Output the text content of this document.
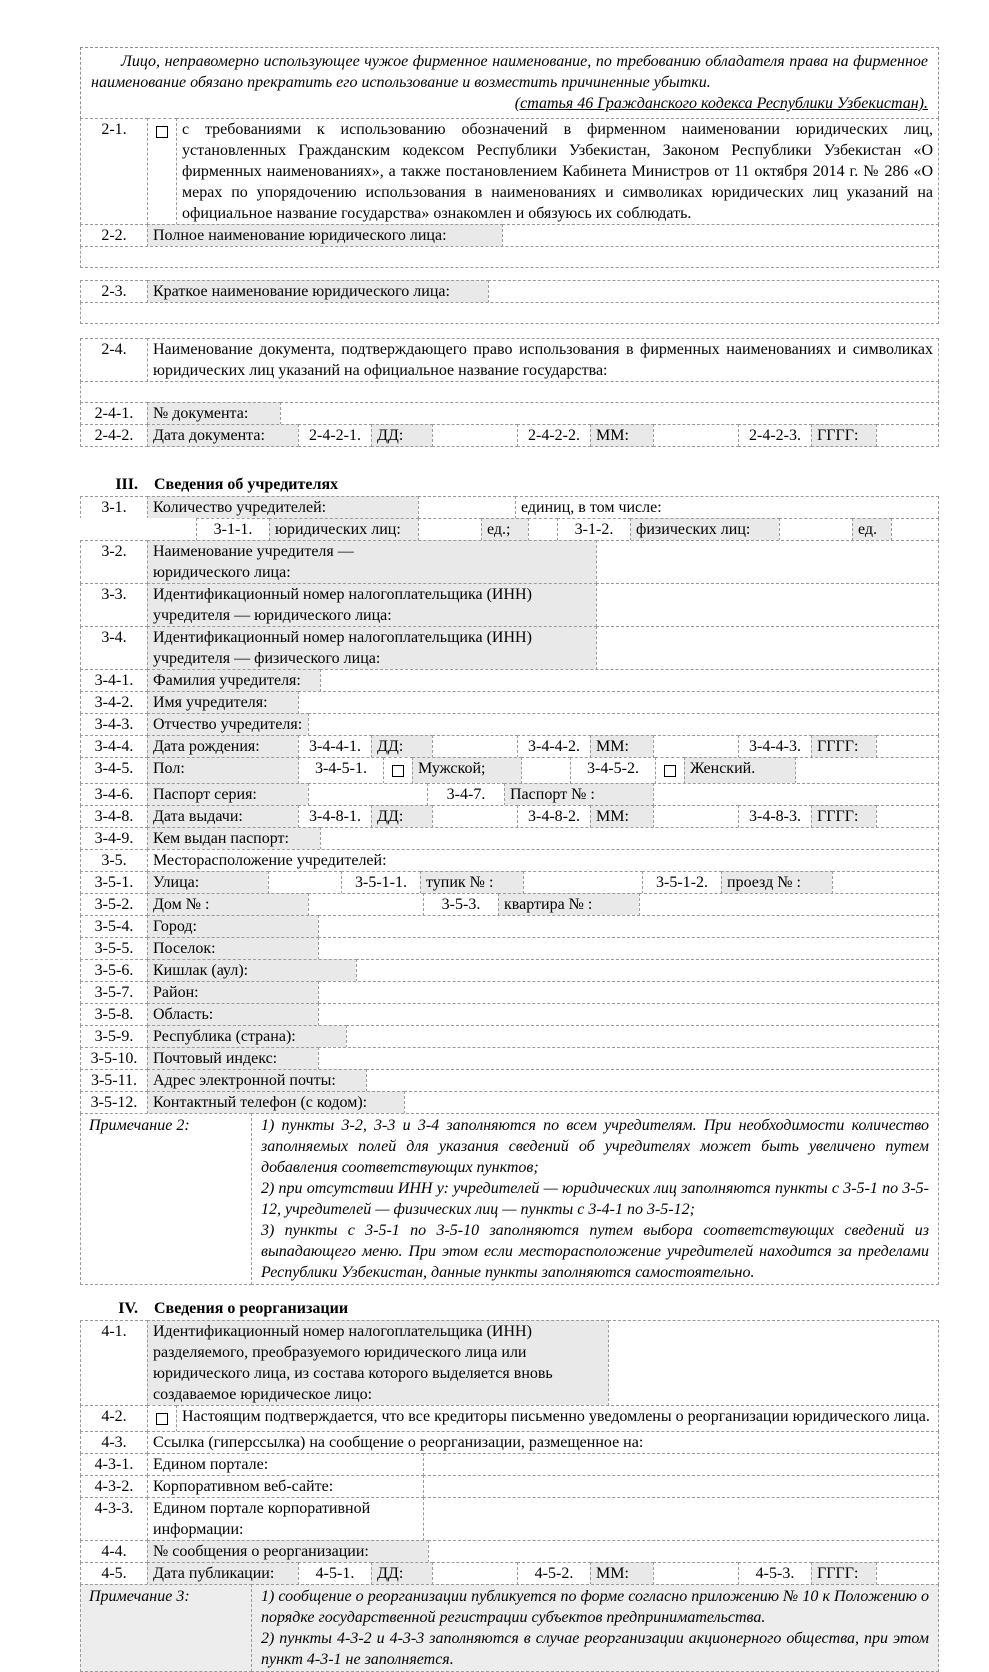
Лицо, неправомерно использующее чужое фирменное наименование, по требованию обладателя права на фирменное наименование обязано прекратить его использование и возместить причиненные убытки.
(статья 46 Гражданского кодекса Республики Узбекистан).
2-1.	с требованиями к использованию обозначений в фирменном наименовании юридических лиц, установленных Гражданским кодексом Республики Узбекистан, Законом Республики Узбекистан «О фирменных наименованиях», а также постановлением Кабинета Министров от 11 октября 2014 г. № 286 «О мерах по упорядочению использования в наименованиях и символиках юридических лиц указаний на официальное название государства» ознакомлен и обязуюсь их соблюдать.
2-2.	Полное наименование юридического лица:
2-3.	Краткое наименование юридического лица:
2-4.	Наименование документа, подтверждающего право использования в фирменных наименованиях и символиках юридических лиц указаний на официальное название государства:
2-4-1.	№ документа:
2-4-2.	Дата документа:	2-4-2-1.	ДД:	2-4-2-2.	ММ:	2-4-2-3.	ГГГГ:
III.	Сведения об учредителях
3-1.	Количество учредителей:	единиц, в том числе:
3-1-1.	юридических лиц:	ед.;	3-1-2.	физических лиц:	ед.
3-2.	Наименование учредителя —
юридического лица:
3-3.	Идентификационный номер налогоплательщика (ИНН) учредителя — юридического лица:
3-4.	Идентификационный номер налогоплательщика (ИНН) учредителя — физического лица:
3-4-1.	Фамилия учредителя:
3-4-2.	Имя учредителя:
3-4-3.	Отчество учредителя:
3-4-4.	Дата рождения:	3-4-4-1.	ДД:	3-4-4-2.	ММ:	3-4-4-3.	ГГГГ:
3-4-5.	Пол:	3-4-5-1.	Мужской;	3-4-5-2.	Женский.
3-4-6.	Паспорт серия:	3-4-7.	Паспорт № :
3-4-8.	Дата выдачи:	3-4-8-1.	ДД:	3-4-8-2.	ММ:	3-4-8-3.	ГГГГ:
3-4-9.	Кем выдан паспорт:
3-5.	Месторасположение учредителей:
3-5-1.	Улица:	3-5-1-1.	тупик № :	3-5-1-2.	проезд № :
3-5-2.	Дом № :	3-5-3.	квартира № :
3-5-4.	Город:
3-5-5.	Поселок:
3-5-6.	Кишлак (аул):
3-5-7.	Район:
3-5-8.	Область:
3-5-9.	Республика (страна):
3-5-10. Почтовый индекс:
3-5-11. Адрес электронной почты:
3-5-12. Контактный телефон (с кодом):
Примечание 2:	1) пункты 3-2, 3-3 и 3-4 заполняются по всем учредителям. При необходимости количество заполняемых полей для указания сведений об учредителях может быть увеличено путем добавления соответствующих пунктов;

2) при отсутствии ИНН у: учредителей — юридических лиц заполняются пункты с 3-5-1 по 3-5-12, учредителей — физических лиц — пункты с 3-4-1 по 3-5-12;

3) пункты с 3-5-1 по 3-5-10 заполняются путем выбора соответствующих сведений из выпадающего меню. При этом если месторасположение учредителей находится за пределами Республики Узбекистан, данные пункты заполняются самостоятельно.

IV.	Сведения о реорганизации
4-1.	Идентификационный номер налогоплательщика (ИНН) разделяемого, преобразуемого юридического лица или юридического лица, из состава которого выделяется вновь создаваемое юридическое лицо:
4-2.	Настоящим подтверждается, что все кредиторы письменно уведомлены о реорганизации юридического лица.
4-3.	Ссылка (гиперссылка) на сообщение о реорганизации, размещенное на:
4-3-1.	Едином портале:
4-3-2.	Корпоративном веб-сайте:
4-3-3.	Едином портале корпоративной информации:
4-4.	№ сообщения о реорганизации:
4-5.	Дата публикации:	4-5-1.	ДД:	4-5-2.	ММ:	4-5-3.	ГГГГ:
Примечание 3:	1) сообщение о реорганизации публикуется по форме согласно приложению № 10 к Положению о порядке государственной регистрации субъектов предпринимательства.

2) пункты 4-3-2 и 4-3-3 заполняются в случае реорганизации акционерного общества, при этом пункт 4-3-1 не заполняется.
